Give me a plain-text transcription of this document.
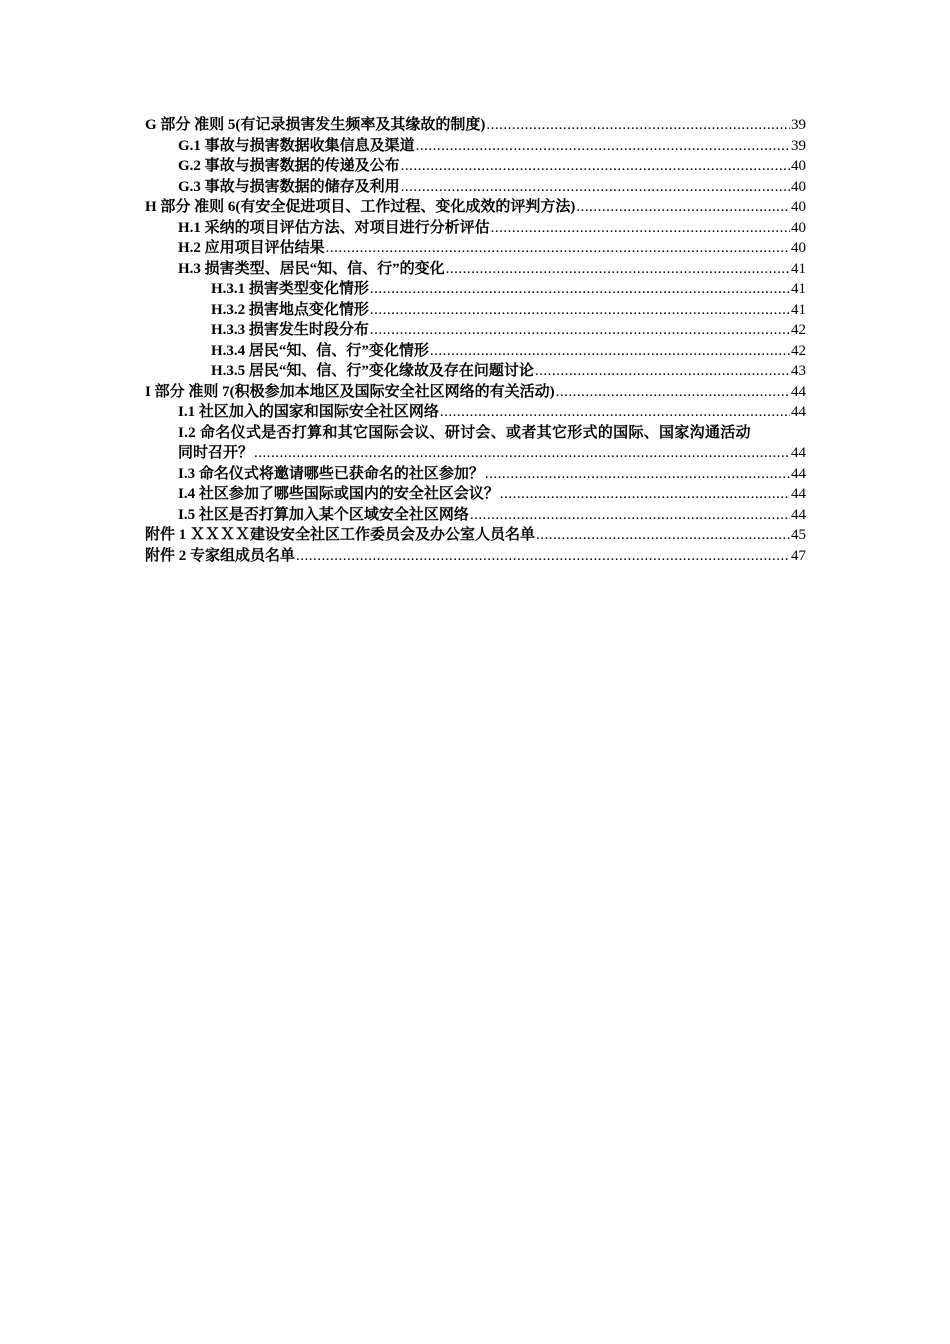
G 部分 准则 5(有记录损害发生频率及其缘故的制度) .....	39
G.1 事故与损害数据收集信息及渠道 .....	39
G.2 事故与损害数据的传递及公布 .....	40
G.3 事故与损害数据的储存及利用 .....	40
H 部分 准则 6(有安全促进项目、工作过程、变化成效的评判方法) .....	40
H.1 采纳的项目评估方法、对项目进行分析评估 .....	40
H.2 应用项目评估结果 .....	40
H.3 损害类型、居民“知、信、行”的变化 .....	41
H.3.1 损害类型变化情形 .....	41
H.3.2 损害地点变化情形 .....	41
H.3.3 损害发生时段分布 .....	42
H.3.4 居民“知、信、行”变化情形 .....	42
H.3.5 居民“知、信、行”变化缘故及存在问题讨论 .....	43
I 部分 准则 7(积极参加本地区及国际安全社区网络的有关活动) .....	44
I.1 社区加入的国家和国际安全社区网络 .....	44
I.2 命名仪式是否打算和其它国际会议、研讨会、或者其它形式的国际、国家沟通活动
同时召开？ .....	44
I.3 命名仪式将邀请哪些已获命名的社区参加？ .....	44
I.4 社区参加了哪些国际或国内的安全社区会议？ .....	44
I.5 社区是否打算加入某个区域安全社区网络 .....	44
附件 1 ＸＸＸＸ建设安全社区工作委员会及办公室人员名单 .....	45
附件 2 专家组成员名单 .....	47
